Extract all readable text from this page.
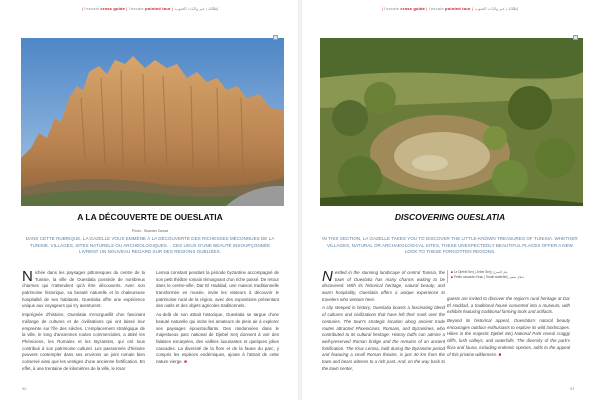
| l'escale cross guide | l'escale pointed tour | إطلالة | عبر ولايات الجنوب	| l'escale cross guide | l'escale pointed tour | إطلالة | عبر ولايات الجنوب
A LA DÉCOUVERTE DE OUESLATIA
Photo : Skander Zarrad
DANS CETTE RUBRIQUE, LA GAZELLE VOUS EMMÈNE À LA DÉCOUVERTE DES RICHESSES MÉCONNUES DE LA TUNISIE. VILLAGES, SITES NATURELS OU ARCHÉOLOGIQUES… CES LIEUX D'UNE BEAUTÉ INSOUPÇONNÉE LIVRENT UN NOUVEAU REGARD SUR DES RÉGIONS OUBLIÉES.

Nichée dans les paysages pittoresques du centre de la Tunisie, la ville de Oueslatia possède de nombreux charmes qui n'attendent qu'à être découverts. Avec son patrimoine historique, sa beauté naturelle et la chaleureuse hospitalité de ses habitants, Oueslatia offre une expérience unique aux voyageurs qui s'y aventurent.

Imprégnée d'histoire, Oueslatia s'enorgueillit d'un fascinant mélange de cultures et de civilisations qui ont laissé leur empreinte sur l'île des siècles. L'emplacement stratégique de la ville, le long d'anciennes routes commerciales, a attiré les Phéniciens, les Romains et les Byzantins, qui ont tous contribué à son patrimoine culturel. Les passionnés d'histoire peuvent contempler dans ses environs un joint romain bien conservé ainsi que les vestiges d'une ancienne fortification. En effet, à une trentaine de kilomètres de la ville, le Ksar

Lemsa constant pendant la période byzantine accompagné de son petit théâtre romain témoignant d'un riche passé. De retour dans le centre-ville, Dar El Haddad, une maison traditionnelle transformée en musée, invite les visiteurs à découvrir le patrimoine rural de la région, avec des expositions présentant des outils et des objets agricoles traditionnels.

Au-delà de son attrait historique, Oueslatia se targue d'une beauté naturelle qui incite les amateurs de plein air à explorer ses paysages époustouflants. Des randonnées dans le majestueux parc national de Djebel Serj donnent à voir des falaises escarpées, des vallées luxuriantes et quelques jolies cascades. La diversité de la flore et de la faune du parc, y compris les espèces endémiques, ajoute à l'attrait de cette nature vierge. ■

90
DISCOVERING OUESLATIA
IN THIS SECTION, LA GAZELLE TAKES YOU TO DISCOVER THE LITTLE-KNOWN TREASURES OF TUNISIA. WHETHER VILLAGES, NATURAL OR ARCHAEOLOGICAL SITES, THESE UNEXPECTEDLY BEAUTIFUL PLACES OFFER A NEW LOOK TO THESE FORGOTTEN REGIONS.

Nestled in the stunning landscape of central Tunisia, the town of Oueslatia has many charms waiting to be discovered. With its historical heritage, natural beauty, and warm hospitality, Oueslatia offers a unique experience to travelers who venture here.

A city steeped in history, Oueslatia boasts a fascinating blend of cultures and civilizations that have left their mark over the centuries. The town's strategic location along ancient trade routes attracted Phoenicians, Romans, and Byzantines, who contributed to its cultural heritage. History buffs can admire a well-preserved Roman bridge and the remains of an ancient fortification. The Ksar Lemsa, built during the Byzantine period and featuring a small Roman theatre, is just 30 km from the town and bears witness to a rich past. And, on the way back to the town center,

■ Le Djebel Serj | Jebel Serj | جبل السرج
■ Petite cascade d'eau | Small waterfall | شلال صغير

guests are invited to discover the region's rural heritage at Dar El Haddad, a traditional house converted into a museum, with exhibits featuring traditional farming tools and artifacts.

Beyond its historical appeal, Oueslatia's natural beauty encourages outdoor enthusiasts to explore its wild landscapes. Hikes in the majestic Djebel Serj National Park reveal craggy cliffs, lush valleys, and waterfalls. The diversity of the park's flora and fauna, including endemic species, adds to the appeal of this pristine wilderness. ■

91
